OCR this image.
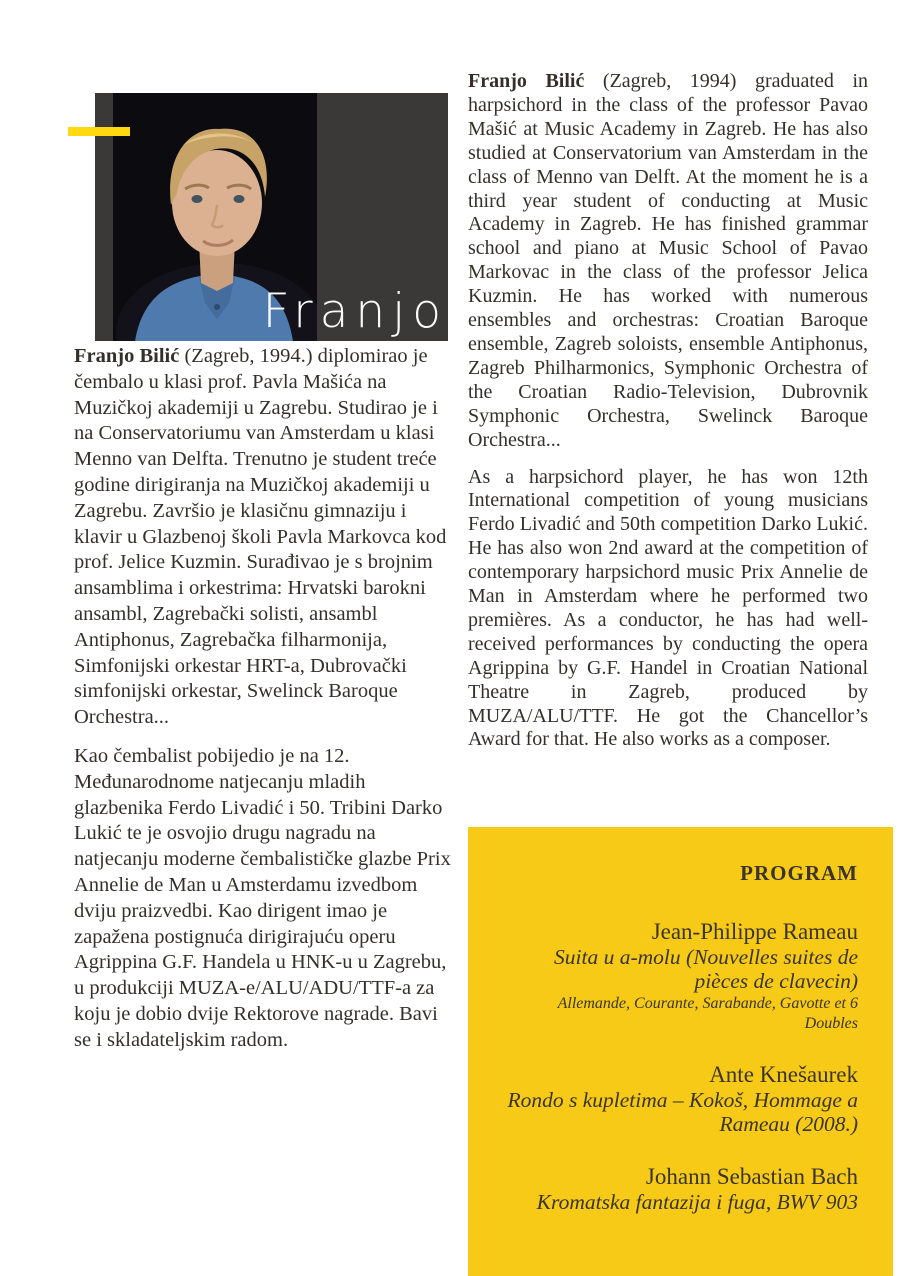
Franjo

Franjo Bilić (Zagreb, 1994.) diplomirao je čembalo u klasi prof. Pavla Mašića na Muzičkoj akademiji u Zagrebu. Studirao je i na Conservatoriumu van Amsterdam u klasi Menno van Delfta. Trenutno je student treće godine dirigiranja na Muzičkoj akademiji u Zagrebu. Završio je klasičnu gimnaziju i klavir u Glazbenoj školi Pavla Markovca kod prof. Jelice Kuzmin. Surađivao je s brojnim ansamblima i orkestrima: Hrvatski barokni ansambl, Zagrebački solisti, ansambl Antiphonus, Zagrebačka filharmonija, Simfonijski orkestar HRT-a, Dubrovački simfonijski orkestar, Swelinck Baroque Orchestra...

Kao čembalist pobijedio je na 12. Međunarodnome natjecanju mladih glazbenika Ferdo Livadić i 50. Tribini Darko Lukić te je osvojio drugu nagradu na natjecanju moderne čembalističke glazbe Prix Annelie de Man u Amsterdamu izvedbom dviju praizvedbi. Kao dirigent imao je zapažena postignuća dirigirajuću operu Agrippina G.F. Handela u HNK-u u Zagrebu, u produkciji MUZA-e/ALU/ADU/TTF-a za koju je dobio dvije Rektorove nagrade. Bavi se i skladateljskim radom.

Franjo Bilić (Zagreb, 1994) graduated in harpsichord in the class of the professor Pavao Mašić at Music Academy in Zagreb. He has also studied at Conservatorium van Amsterdam in the class of Menno van Delft. At the moment he is a third year student of conducting at Music Academy in Zagreb. He has finished grammar school and piano at Music School of Pavao Markovac in the class of the professor Jelica Kuzmin. He has worked with numerous ensembles and orchestras: Croatian Baroque ensemble, Zagreb soloists, ensemble Antiphonus, Zagreb Philharmonics, Symphonic Orchestra of the Croatian Radio-Television, Dubrovnik Symphonic Orchestra, Swelinck Baroque Orchestra...

As a harpsichord player, he has won 12th International competition of young musicians Ferdo Livadić and 50th competition Darko Lukić. He has also won 2nd award at the competition of contemporary harpsichord music Prix Annelie de Man in Amsterdam where he performed two premières. As a conductor, he has had well-received performances by conducting the opera Agrippina by G.F. Handel in Croatian National Theatre in Zagreb, produced by MUZA/ALU/TTF. He got the Chancellor’s Award for that. He also works as a composer.

PROGRAM

Jean-Philippe Rameau

Suita u a-molu (Nouvelles suites de pièces de clavecin)

Allemande, Courante, Sarabande, Gavotte et 6 Doubles

Ante Knešaurek

Rondo s kupletima – Kokoš, Hommage a Rameau (2008.)

Johann Sebastian Bach

Kromatska fantazija i fuga, BWV 903
